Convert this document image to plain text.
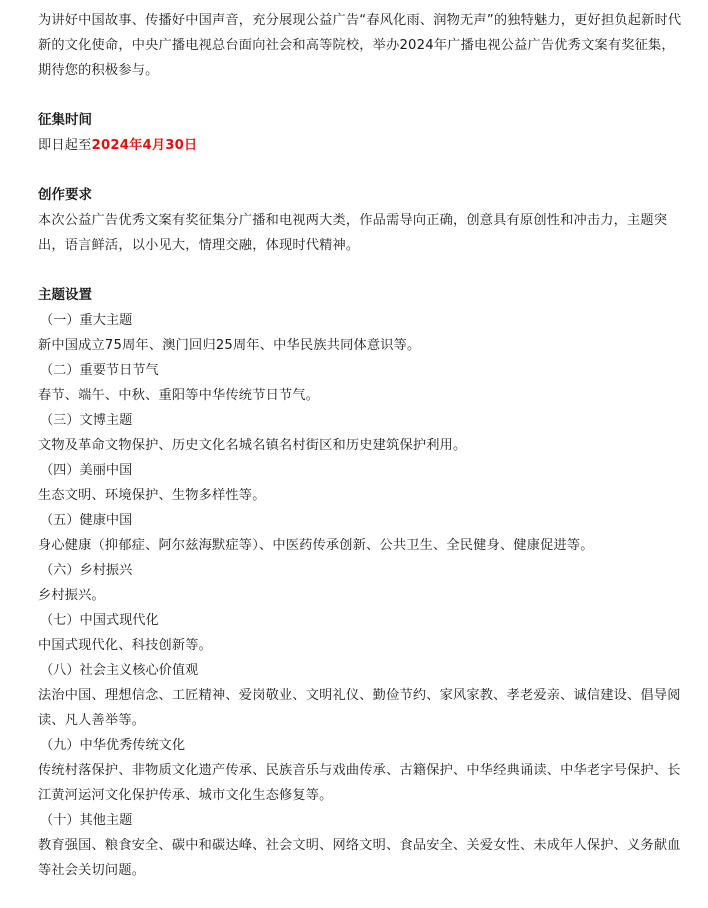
为讲好中国故事、传播好中国声音，充分展现公益广告“春风化雨、润物无声”的独特魅力，更好担负起新时代新的文化使命，中央广播电视总台面向社会和高等院校，举办2024年广播电视公益广告优秀文案有奖征集，期待您的积极参与。

征集时间

即日起至2024年4月30日

创作要求

本次公益广告优秀文案有奖征集分广播和电视两大类，作品需导向正确，创意具有原创性和冲击力，主题突出，语言鲜活，以小见大，情理交融，体现时代精神。

主题设置

（一）重大主题

新中国成立75周年、澳门回归25周年、中华民族共同体意识等。

（二）重要节日节气

春节、端午、中秋、重阳等中华传统节日节气。

（三）文博主题

文物及革命文物保护、历史文化名城名镇名村街区和历史建筑保护利用。

（四）美丽中国

生态文明、环境保护、生物多样性等。

（五）健康中国

身心健康（抑郁症、阿尔兹海默症等）、中医药传承创新、公共卫生、全民健身、健康促进等。

（六）乡村振兴

乡村振兴。

（七）中国式现代化

中国式现代化、科技创新等。

（八）社会主义核心价值观

法治中国、理想信念、工匠精神、爱岗敬业、文明礼仪、勤俭节约、家风家教、孝老爱亲、诚信建设、倡导阅读、凡人善举等。

（九）中华优秀传统文化

传统村落保护、非物质文化遗产传承、民族音乐与戏曲传承、古籍保护、中华经典诵读、中华老字号保护、长江黄河运河文化保护传承、城市文化生态修复等。

（十）其他主题

教育强国、粮食安全、碳中和碳达峰、社会文明、网络文明、食品安全、关爱女性、未成年人保护、义务献血等社会关切问题。
